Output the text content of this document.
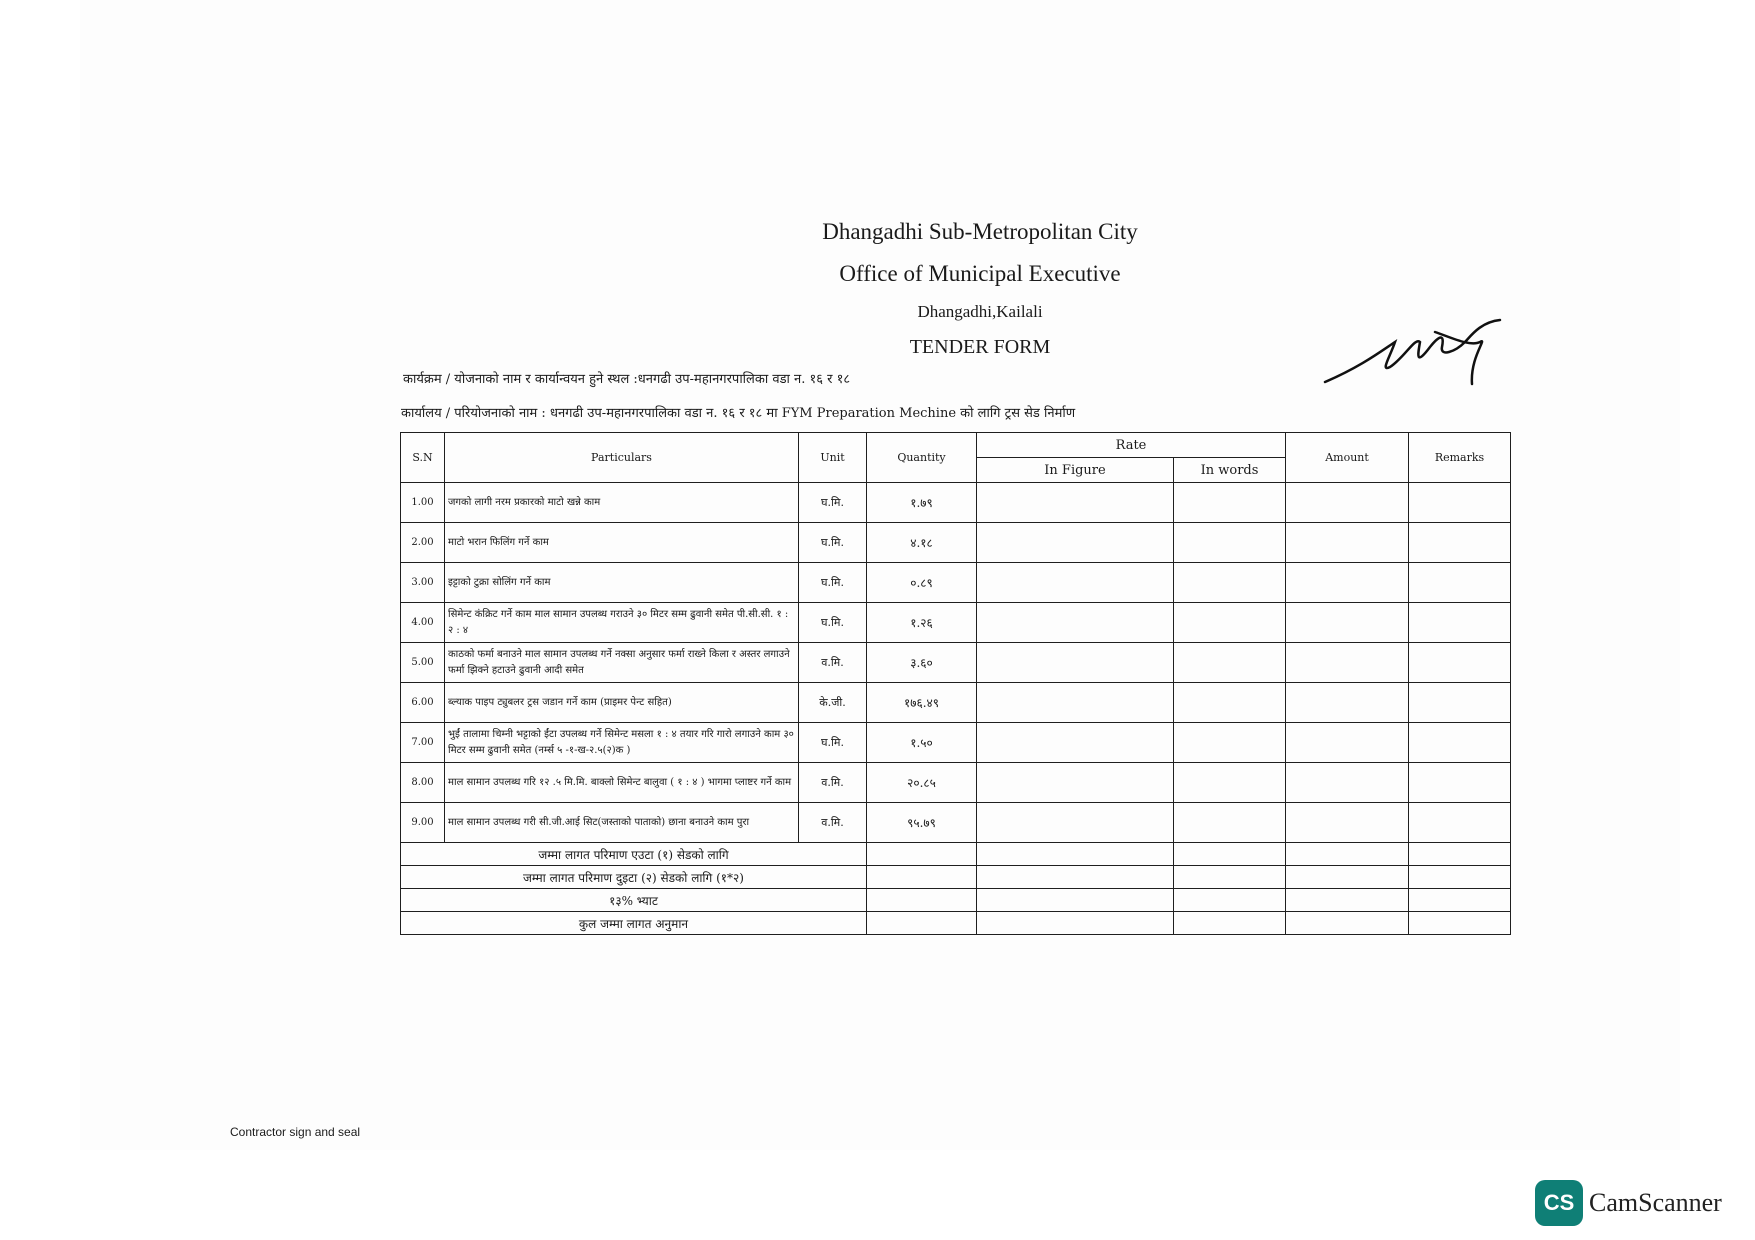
Dhangadhi Sub-Metropolitan City
Office of Municipal Executive
Dhangadhi,Kailali
TENDER FORM
कार्यक्रम / योजनाको नाम र कार्यान्वयन हुने स्थल :धनगढी उप-महानगरपालिका वडा न. १६ र १८
कार्यालय / परियोजनाको नाम : धनगढी उप-महानगरपालिका वडा न. १६ र १८ मा FYM Preparation Mechine को लागि ट्रस सेड निर्माण
S.N	Particulars	Unit	Quantity	Rate		Amount	Remarks
				In Figure	In words		
1.00	जगको लागी नरम प्रकारको माटो खन्ने काम	घ.मि.	१.७९				
2.00	माटो भरान फिलिंग गर्ने काम	घ.मि.	४.१८				
3.00	इट्टाको टुक्रा सोलिंग गर्ने काम	घ.मि.	०.८९				
4.00	सिमेन्ट कंक्रिट गर्ने काम माल सामान उपलब्ध गराउने ३० मिटर सम्म ढुवानी समेत पी.सी.सी. १ : २ : ४	घ.मि.	१.२६				
5.00	काठको फर्मा बनाउने माल सामान उपलब्ध गर्ने नक्सा अनुसार फर्मा राख्ने किला र अस्तर लगाउने फर्मा झिक्ने हटाउने ढुवानी आदी समेत	व.मि.	३.६०				
6.00	ब्ल्याक पाइप ट्युबलर ट्रस जडान गर्ने काम (प्राइमर पेन्ट सहित)	के.जी.	१७६.४९				
7.00	भुईं तालामा चिम्नी भट्टाको ईंटा उपलब्ध गर्ने सिमेन्ट मसला १ : ४ तयार गरि गारो लगाउने काम ३० मिटर सम्म ढुवानी समेत (नर्म्स ५ -१-ख-२.५(२)क )	घ.मि.	१.५०				
8.00	माल सामान उपलब्ध गरि १२ .५ मि.मि. बाक्लो सिमेन्ट बालुवा ( १ : ४ ) भागमा प्लाष्टर गर्ने काम	व.मि.	२०.८५				
9.00	माल सामान उपलब्ध गरी सी.जी.आई सिट(जस्ताको पाताको) छाना बनाउने काम पुरा	व.मि.	९५.७९				
जम्मा लागत परिमाण एउटा (१) सेडको लागि							
जम्मा लागत परिमाण दुइटा (२) सेडको लागि (१*२)							
१३% भ्याट							
कुल जम्मा लागत अनुमान							
Contractor sign and seal
CS CamScanner
